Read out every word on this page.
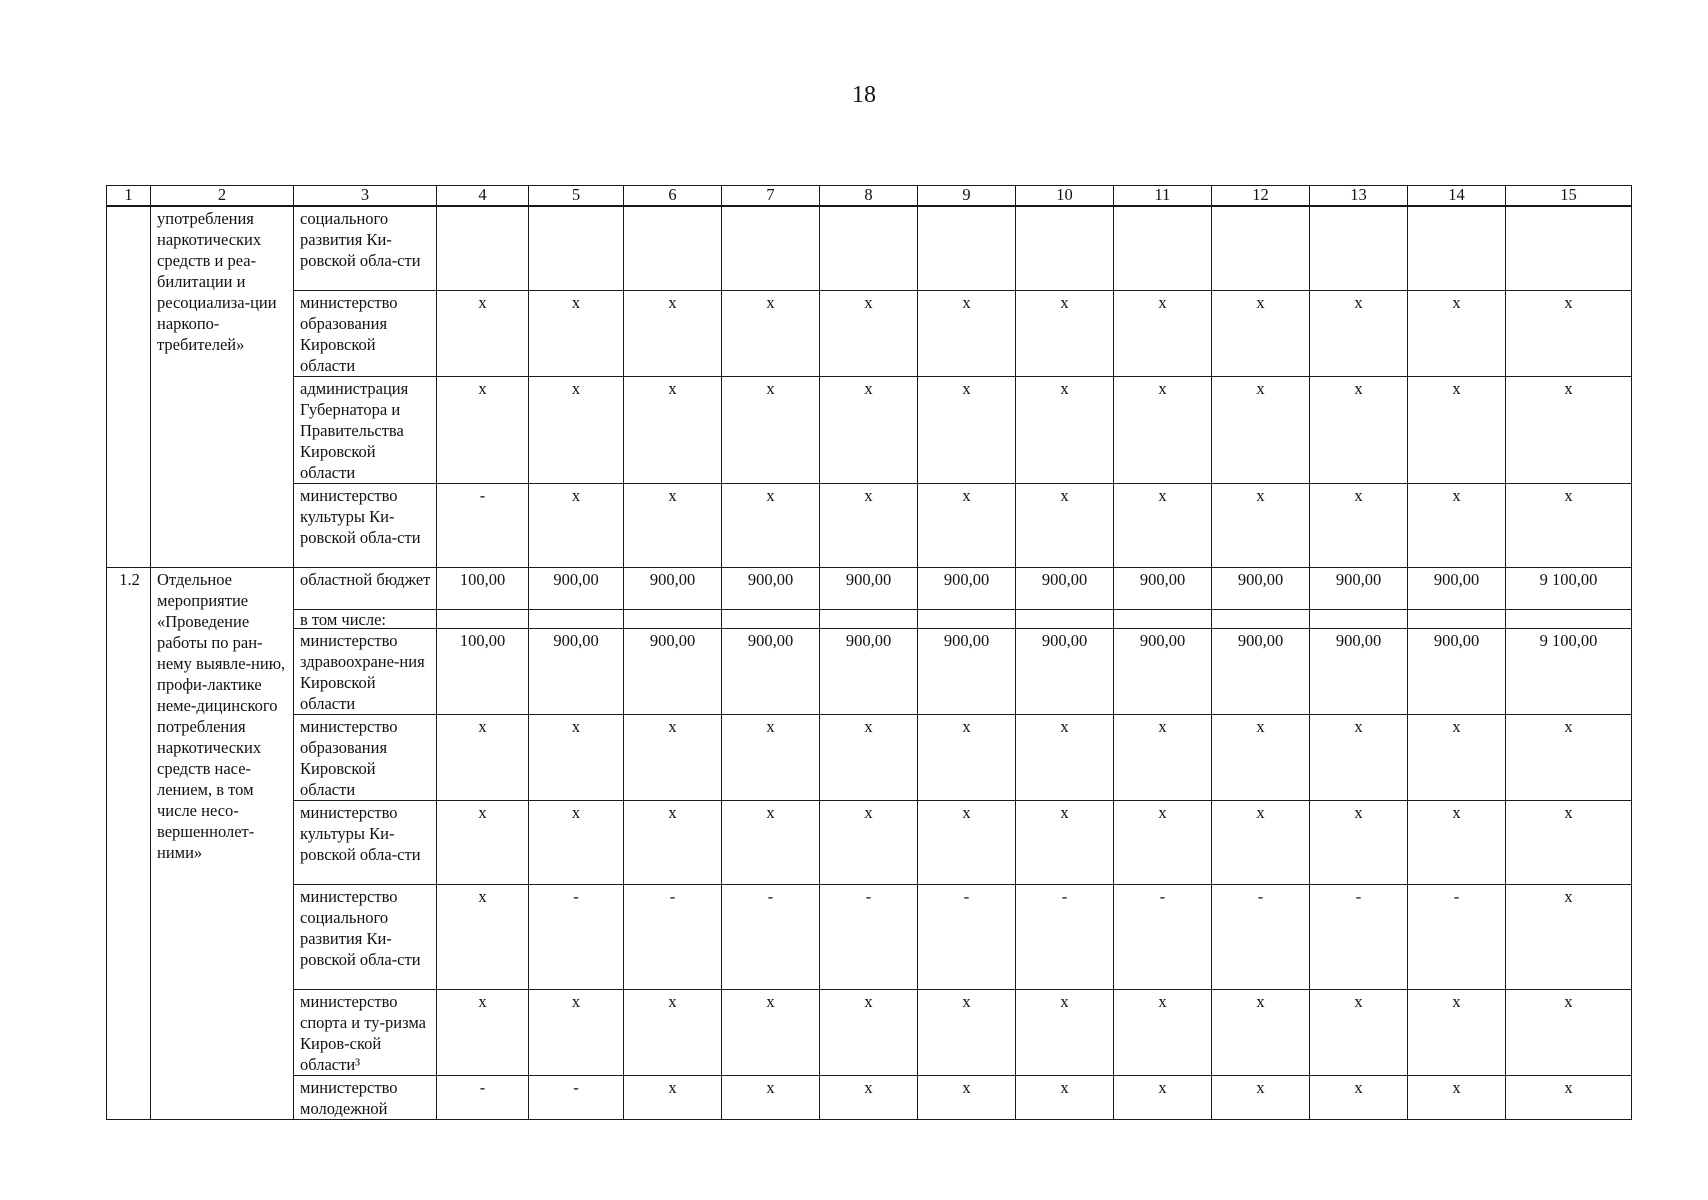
18
1	2	3	4	5	6	7	8	9	10	11	12	13	14	15
	употребления наркотических средств и реа-билитации и ресоциализа-ции наркопо-требителей»	социального развития Ки-ровской обла-сти												
		министерство образования Кировской области	x	x	x	x	x	x	x	x	x	x	x	x
		администрация Губернатора и Правительства Кировской области	x	x	x	x	x	x	x	x	x	x	x	x
		министерство культуры Ки-ровской обла-сти	-	x	x	x	x	x	x	x	x	x	x	x
1.2	Отдельное мероприятие «Проведение работы по ран-нему выявле-нию, профи-лактике неме-дицинского потребления наркотических средств насе-лением, в том числе несо-вершеннолет-ними»	областной бюджет	100,00	900,00	900,00	900,00	900,00	900,00	900,00	900,00	900,00	900,00	900,00	9 100,00
		в том числе:												
		министерство здравоохране-ния Кировской области	100,00	900,00	900,00	900,00	900,00	900,00	900,00	900,00	900,00	900,00	900,00	9 100,00
		министерство образования Кировской области	x	x	x	x	x	x	x	x	x	x	x	x
		министерство культуры Ки-ровской обла-сти	x	x	x	x	x	x	x	x	x	x	x	x
		министерство социального развития Ки-ровской обла-сти	x	-	-	-	-	-	-	-	-	-	-	x
		министерство спорта и ту-ризма Киров-ской области³	x	x	x	x	x	x	x	x	x	x	x	x
		министерство молодежной	-	-	x	x	x	x	x	x	x	x	x	x
